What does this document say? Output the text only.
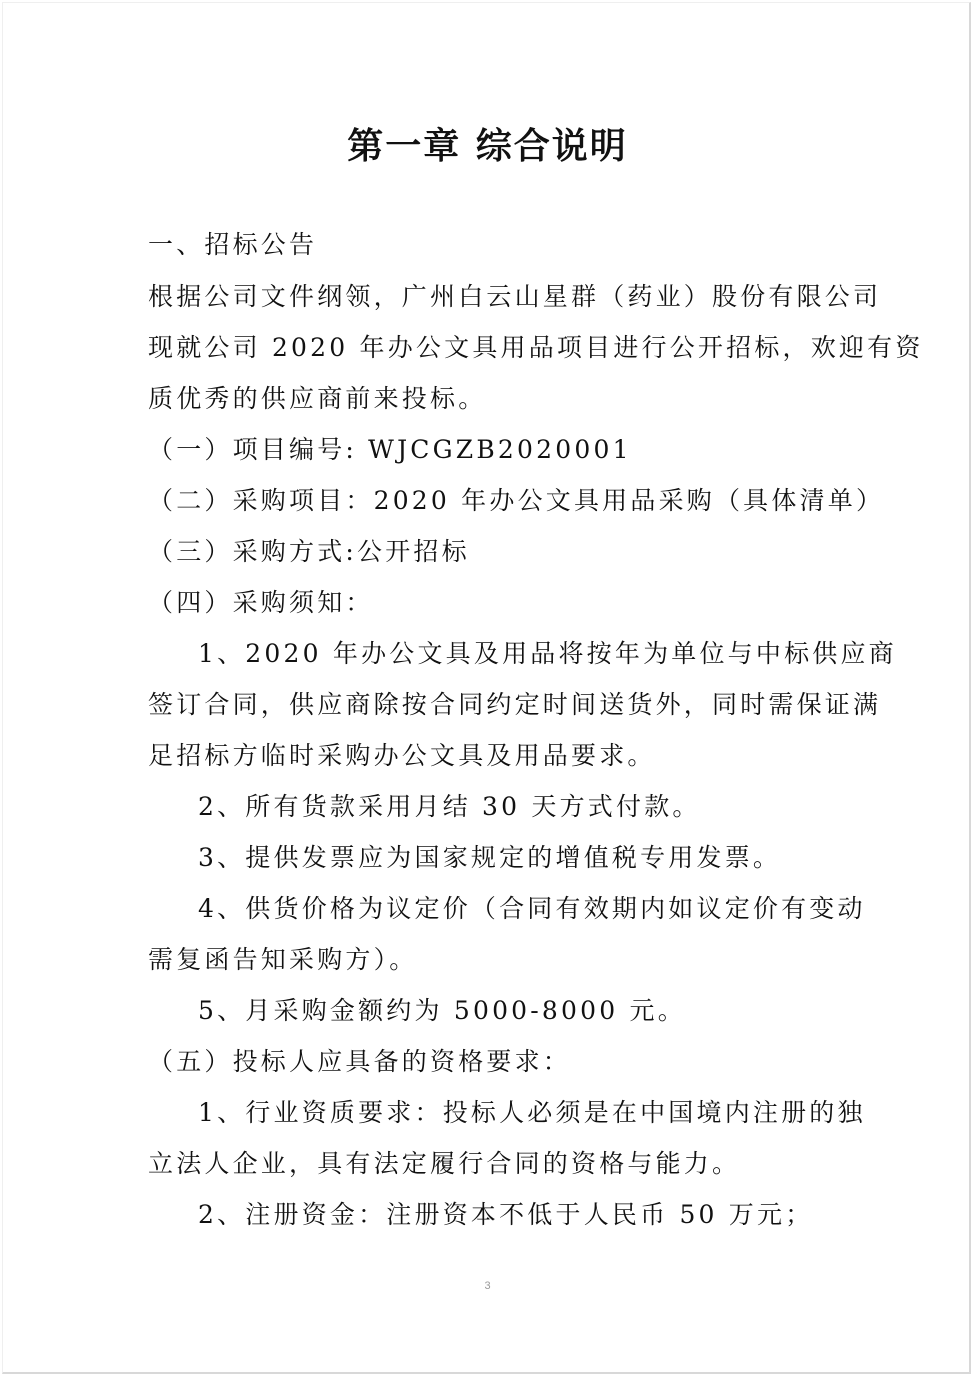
第一章 综合说明
一、招标公告
根据公司文件纲领，广州白云山星群（药业）股份有限公司
现就公司 2020 年办公文具用品项目进行公开招标，欢迎有资
质优秀的供应商前来投标。
（一）项目编号: WJCGZB2020001
（二）采购项目：2020 年办公文具用品采购（具体清单）
（三）采购方式:公开招标
（四）采购须知：
1、2020 年办公文具及用品将按年为单位与中标供应商
签订合同，供应商除按合同约定时间送货外，同时需保证满
足招标方临时采购办公文具及用品要求。
2、所有货款采用月结 30 天方式付款。
3、提供发票应为国家规定的增值税专用发票。
4、供货价格为议定价（合同有效期内如议定价有变动
需复函告知采购方）。
5、月采购金额约为 5000-8000 元。
（五）投标人应具备的资格要求：
1、行业资质要求：投标人必须是在中国境内注册的独
立法人企业，具有法定履行合同的资格与能力。
2、注册资金：注册资本不低于人民币 50 万元；
3
